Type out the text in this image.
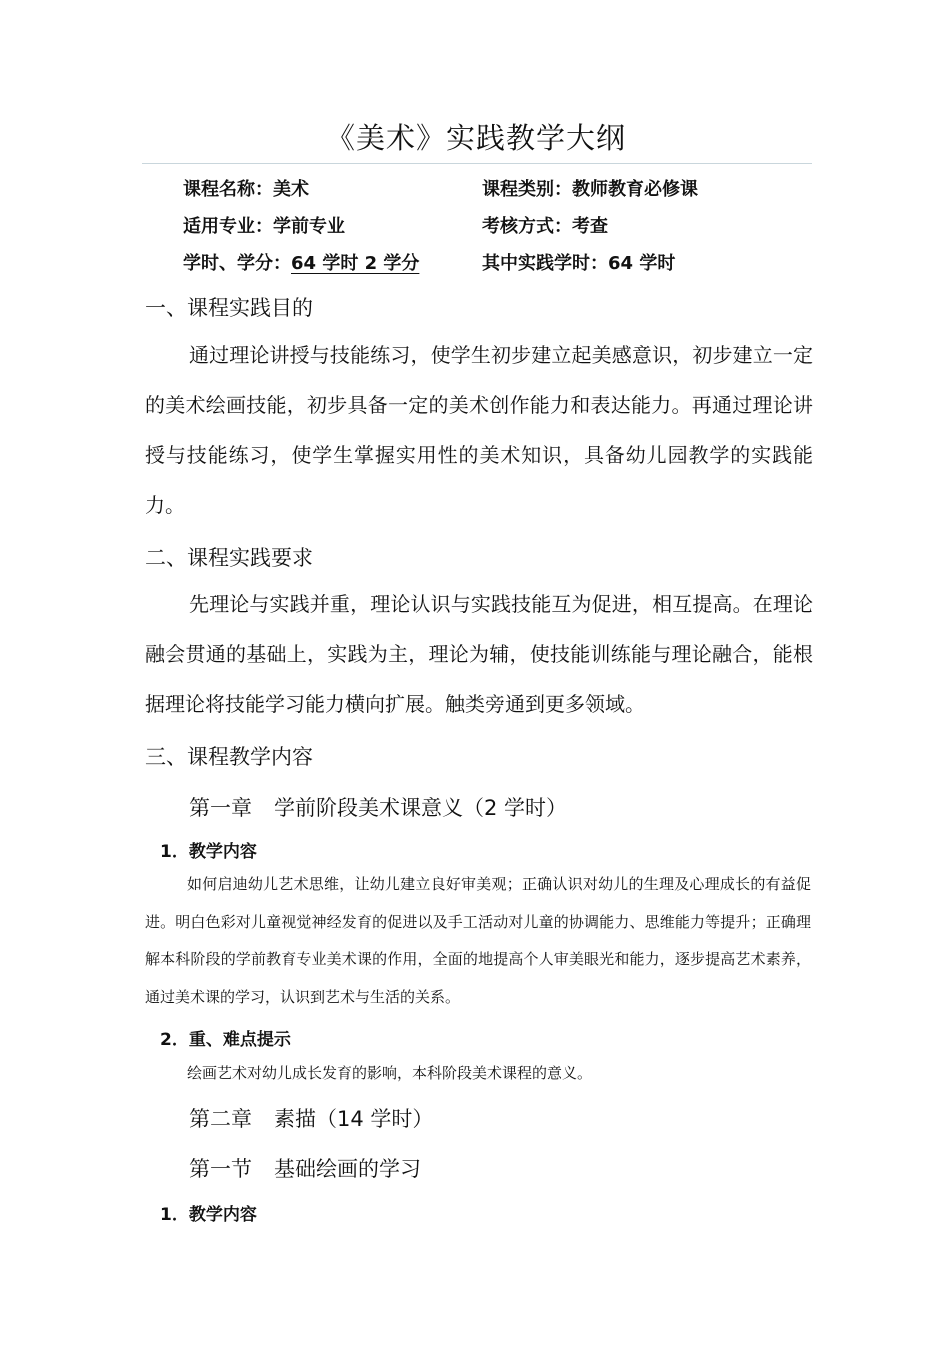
《美术》实践教学大纲
课程名称：美术	课程类别：教师教育必修课
适用专业：学前专业	考核方式：考查
学时、学分：64 学时 2 学分	其中实践学时：64 学时
一、课程实践目的

通过理论讲授与技能练习，使学生初步建立起美感意识，初步建立一定的美术绘画技能，初步具备一定的美术创作能力和表达能力。再通过理论讲授与技能练习，使学生掌握实用性的美术知识，具备幼儿园教学的实践能力。

二、课程实践要求

先理论与实践并重，理论认识与实践技能互为促进，相互提高。在理论融会贯通的基础上，实践为主，理论为辅，使技能训练能与理论融合，能根据理论将技能学习能力横向扩展。触类旁通到更多领域。

三、课程教学内容
第一章 学前阶段美术课意义（2 学时）
1．教学内容

如何启迪幼儿艺术思维，让幼儿建立良好审美观；正确认识对幼儿的生理及心理成长的有益促进。明白色彩对儿童视觉神经发育的促进以及手工活动对儿童的协调能力、思维能力等提升；正确理解本科阶段的学前教育专业美术课的作用，全面的地提高个人审美眼光和能力，逐步提高艺术素养，通过美术课的学习，认识到艺术与生活的关系。

2．重、难点提示
绘画艺术对幼儿成长发育的影响，本科阶段美术课程的意义。
第二章 素描（14 学时）
第一节 基础绘画的学习
1．教学内容
